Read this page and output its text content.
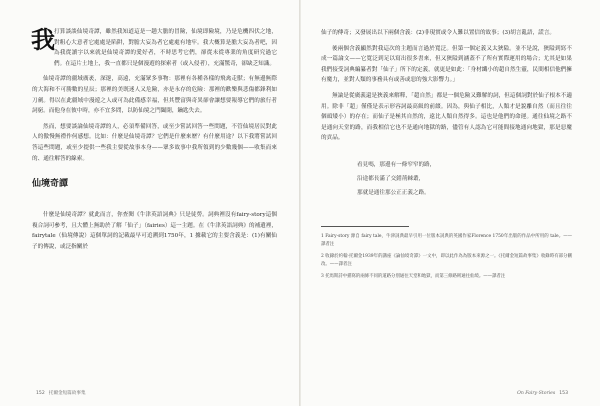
我 打算談談仙境奇譚，雖然我知道這是一趟大膽的冒險，仙境即險境，乃是危機四伏之地，對粗心大意者它處處是陷阱，對膽大妄為者它處處有地牢。我大概算是膽大妄為者吧，因為我從讀字以來就是仙境奇譚的愛好者，不時思考它們，卻從未從專業的角度研究過它們。在這片土地上，我一直都只是個漫遊的探索者（或入侵者），充滿驚奇，卻缺乏知識。

仙境奇譚的疆域廣袤，深邃，高遠，充滿眾多事物：那裡有各種各樣的飛禽走獸；有無邊無際的大海和不可勝數的星辰；那裡的美既迷人又危險，亦是永存的危險：那裡的歡樂與悲傷都鋒利如刀劍。得以在此疆域中漫遊之人或可為此備感幸福，但其豐富與奇異卻會讓想要報導它們的旅行者詞窮。而他身在彼中時，亦不宜多問，以防仙境之門闔閉，鑰匙失去。

然而，想要談論仙境奇譚的人，必須準備回答，或至少嘗試回答一些問題，不管仙境居民對此人的傲慢無禮作何感想。比如：什麼是仙境奇譚？它們是什麼來歷？有什麼用途？以下我將嘗試回答這些問題，或至少提供一些我主要從故事本身——眾多故事中我所領到的少數幾個——收集而來的、通往解答的線索。

仙境奇譚

什麼是仙境奇譚？就此而言，你查閱《牛津英語詞典》只是徒勞。詞典裡沒有fairy-story這個複合詞可參考，且大體上無助於了解「仙子」（fairies）這一主題。在《牛津英語詞典》的補遺裡，fairytale（仙境傳說）這個單詞的記載最早可追溯到1750年，1 據載它的主要含義是：(1)有關仙子的傳說，或泛指關於

152 托爾金短篇故事集

仙子的傳奇；又發展出以下兩個含義：(2)非現實或令人難以置信的故事；(3)胡言亂語，謊言。

後兩個含義顯然對我這次的主題而言過於寬泛。但第一個定義又太狹隘。並不是說，狹隘到寫不成一篇論文——它寬泛到足以寫出很多書來，但又狹隘到涵蓋不了所有實際運用的場合；尤其是如果我們接受詞典編纂者對「仙子」所下的定義，就更是如此：「身材纖小的超自然生靈，民間相信他們擁有魔力，並對人類的事務具有或善或惡的強大影響力。」

無論是從廣義還是狹義來解釋，「超自然」都是一個危險又難解的詞，但這個詞對於仙子根本不適用。除非「超」僅僅是表示形容詞最高級的前綴。因為，與仙子相比，人類才是貌離自然（而且往往個頭矮小）的存在；而仙子是極其自然的，遠比人類自然得多。這也是他們的命運。通往仙境之路不是通向天堂的路，而我相信它也不是通向地獄的路，儘管有人認為它可能間接地通向地獄，那是惡魔的貢品。

看見嗎，那邊有一條窄窄的路，
沿途都長滿了交錯荊棘叢，
那就是通往那公正正義之路。

1 Fairy-story 源自 fairy tale，牛津詞典最早引用一位版本詞典的英國作家Florence 1750年出版的作品中所用的 tale。——譯者注

2 收錄於約翰·托爾金1939年的講座《論仙境奇譚》一文中，即以此作為為版本來源之一。《托爾金短篇故事集》收錄時有部分刪改。——譯者注

3 托馬斯詩中描寫的兩條不同的道路分別通往天堂和地獄，而第三條路則通往仙境。——譯者注

On Fairy-Stories 153
